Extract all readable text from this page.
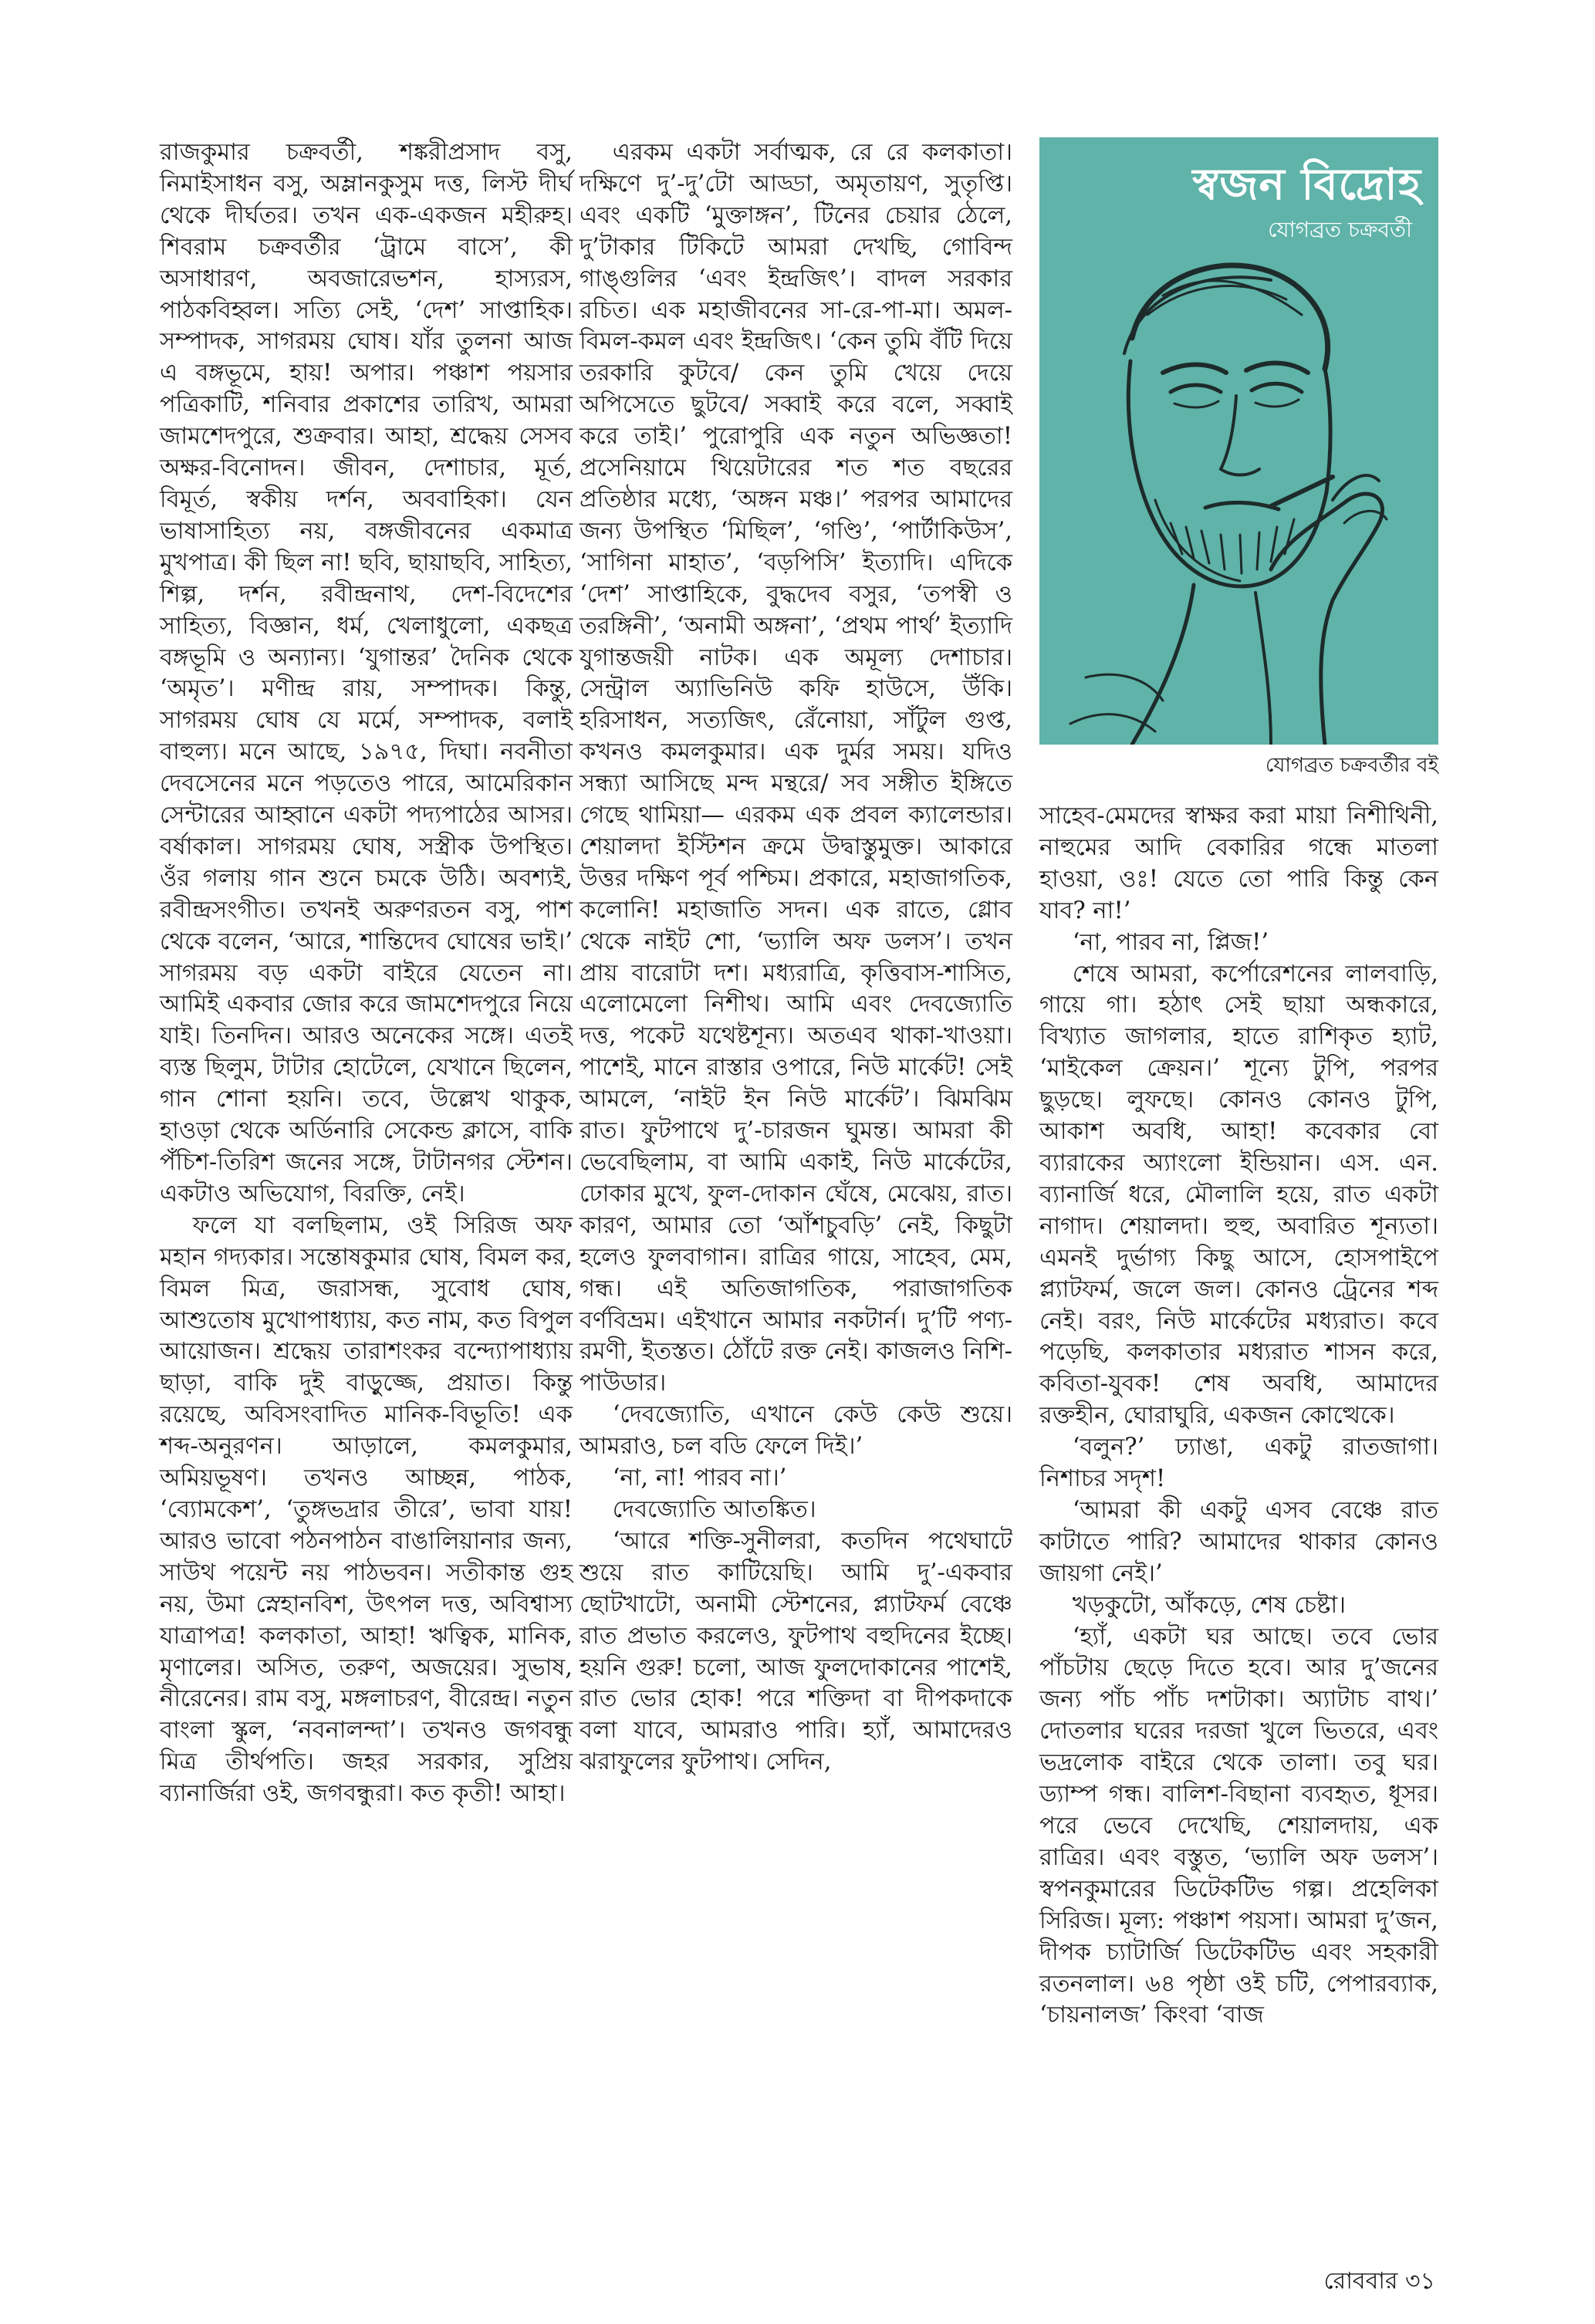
রাজকুমার চক্রবর্তী, শঙ্করীপ্রসাদ বসু, নিমাইসাধন বসু, অম্লানকুসুম দত্ত, লিস্ট দীর্ঘ থেকে দীর্ঘতর। তখন এক-একজন মহীরুহ। শিবরাম চক্রবর্তীর ‘ট্রামে বাসে’, কী অসাধারণ, অবজারেভশন, হাস্যরস, পাঠকবিহ্বল। সত্যি সেই, ‘দেশ’ সাপ্তাহিক। সম্পাদক, সাগরময় ঘোষ। যাঁর তুলনা আজ এ বঙ্গভূমে, হায়! অপার। পঞ্চাশ পয়সার পত্রিকাটি, শনিবার প্রকাশের তারিখ, আমরা জামশেদপুরে, শুক্রবার। আহা, শ্রদ্ধেয় সেসব অক্ষর-বিনোদন। জীবন, দেশাচার, মূর্ত, বিমূর্ত, স্বকীয় দর্শন, অববাহিকা। যেন ভাষাসাহিত্য নয়, বঙ্গজীবনের একমাত্র মুখপাত্র। কী ছিল না! ছবি, ছায়াছবি, সাহিত্য, শিল্প, দর্শন, রবীন্দ্রনাথ, দেশ-বিদেশের সাহিত্য, বিজ্ঞান, ধর্ম, খেলাধুলো, একছত্র বঙ্গভূমি ও অন্যান্য। ‘যুগান্তর’ দৈনিক থেকে ‘অমৃত’। মণীন্দ্র রায়, সম্পাদক। কিন্তু, সাগরময় ঘোষ যে মর্মে, সম্পাদক, বলাই বাহুল্য। মনে আছে, ১৯৭৫, দিঘা। নবনীতা দেবসেনের মনে পড়তেও পারে, আমেরিকান সেন্টারের আহ্বানে একটা পদ্যপাঠের আসর। বর্ষাকাল। সাগরময় ঘোষ, সস্ত্রীক উপস্থিত। ওঁর গলায় গান শুনে চমকে উঠি। অবশ্যই, রবীন্দ্রসংগীত। তখনই অরুণরতন বসু, পাশ থেকে বলেন, ‘আরে, শান্তিদেব ঘোষের ভাই।’ সাগরময় বড় একটা বাইরে যেতেন না। আমিই একবার জোর করে জামশেদপুরে নিয়ে যাই। তিনদিন। আরও অনেকের সঙ্গে। এতই ব্যস্ত ছিলুম, টাটার হোটেলে, যেখানে ছিলেন, গান শোনা হয়নি। তবে, উল্লেখ থাকুক, হাওড়া থেকে অর্ডিনারি সেকেন্ড ক্লাসে, বাকি পঁচিশ-তিরিশ জনের সঙ্গে, টাটানগর স্টেশন। একটাও অভিযোগ, বিরক্তি, নেই।

ফলে যা বলছিলাম, ওই সিরিজ অফ মহান গদ্যকার। সন্তোষকুমার ঘোষ, বিমল কর, বিমল মিত্র, জরাসন্ধ, সুবোধ ঘোষ, আশুতোষ মুখোপাধ্যায়, কত নাম, কত বিপুল আয়োজন। শ্রদ্ধেয় তারাশংকর বন্দ্যোপাধ্যায় ছাড়া, বাকি দুই বাড়ুজ্জে, প্রয়াত। কিন্তু রয়েছে, অবিসংবাদিত মানিক-বিভূতি! এক শব্দ-অনুরণন। আড়ালে, কমলকুমার, অমিয়ভূষণ। তখনও আচ্ছন্ন, পাঠক, ‘ব্যোমকেশ’, ‘তুঙ্গভদ্রার তীরে’, ভাবা যায়! আরও ভাবো পঠনপাঠন বাঙালিয়ানার জন্য, সাউথ পয়েন্ট নয় পাঠভবন। সতীকান্ত গুহ নয়, উমা স্নেহানবিশ, উৎপল দত্ত, অবিশ্বাস্য যাত্রাপত্র! কলকাতা, আহা! ঋত্বিক, মানিক, মৃণালের। অসিত, তরুণ, অজয়ের। সুভাষ, নীরেনের। রাম বসু, মঙ্গলাচরণ, বীরেন্দ্র। নতুন বাংলা স্কুল, ‘নবনালন্দা’। তখনও জগবন্ধু মিত্র তীর্থপতি। জহর সরকার, সুপ্রিয় ব্যানার্জিরা ওই, জগবন্ধুরা। কত কৃতী! আহা।

এরকম একটা সর্বাত্মক, রে রে কলকাতা। দক্ষিণে দু’-দু’টো আড্ডা, অমৃতায়ণ, সুতৃপ্তি। এবং একটি ‘মুক্তাঙ্গন’, টিনের চেয়ার ঠেলে, দু’টাকার টিকিটে আমরা দেখছি, গোবিন্দ গাঙ্গুলির ‘এবং ইন্দ্রজিৎ’। বাদল সরকার রচিত। এক মহাজীবনের সা-রে-পা-মা। অমল-বিমল-কমল এবং ইন্দ্রজিৎ। ‘কেন তুমি বঁটি দিয়ে তরকারি কুটবে/ কেন তুমি খেয়ে দেয়ে অপিসেতে ছুটবে/ সব্বাই করে বলে, সব্বাই করে তাই।’ পুরোপুরি এক নতুন অভিজ্ঞতা! প্রসেনিয়ামে থিয়েটারের শত শত বছরের প্রতিষ্ঠার মধ্যে, ‘অঙ্গন মঞ্চ।’ পরপর আমাদের জন্য উপস্থিত ‘মিছিল’, ‘গণ্ডি’, ‘পার্টাকিউস’, ‘সাগিনা মাহাত’, ‘বড়পিসি’ ইত্যাদি। এদিকে ‘দেশ’ সাপ্তাহিকে, বুদ্ধদেব বসুর, ‘তপস্বী ও তরঙ্গিনী’, ‘অনামী অঙ্গনা’, ‘প্রথম পার্থ’ ইত্যাদি যুগান্তজয়ী নাটক। এক অমূল্য দেশাচার। সেন্ট্রাল অ্যাভিনিউ কফি হাউসে, উঁকি। হরিসাধন, সত্যজিৎ, রেঁনোয়া, সাঁটুল গুপ্ত, কখনও কমলকুমার। এক দুর্মর সময়। যদিও সন্ধ্যা আসিছে মন্দ মন্থরে/ সব সঙ্গীত ইঙ্গিতে গেছে থামিয়া— এরকম এক প্রবল ক্যালেন্ডার। শেয়ালদা ইস্টিশন ক্রমে উদ্বাস্তুমুক্ত। আকারে উত্তর দক্ষিণ পূর্ব পশ্চিম। প্রকারে, মহাজাগতিক, কলোনি! মহাজাতি সদন। এক রাতে, গ্লোব থেকে নাইট শো, ‘ভ্যালি অফ ডলস’। তখন প্রায় বারোটা দশ। মধ্যরাত্রি, কৃত্তিবাস-শাসিত, এলোমেলো নিশীথ। আমি এবং দেবজ্যোতি দত্ত, পকেট যথেষ্টশূন্য। অতএব থাকা-খাওয়া। পাশেই, মানে রাস্তার ওপারে, নিউ মার্কেট! সেই আমলে, ‘নাইট ইন নিউ মার্কেট’। ঝিমঝিম রাত। ফুটপাথে দু’-চারজন ঘুমন্ত। আমরা কী ভেবেছিলাম, বা আমি একাই, নিউ মার্কেটের, ঢোকার মুখে, ফুল-দোকান ঘেঁষে, মেঝেয়, রাত। কারণ, আমার তো ‘আঁশচুবড়ি’ নেই, কিছুটা হলেও ফুলবাগান। রাত্রির গায়ে, সাহেব, মেম, গন্ধ। এই অতিজাগতিক, পরাজাগতিক বর্ণবিভ্রম। এইখানে আমার নকটার্ন। দু’টি পণ্য-রমণী, ইতস্তত। ঠোঁটে রক্ত নেই। কাজলও নিশি-পাউডার।

‘দেবজ্যোতি, এখানে কেউ কেউ শুয়ে। আমরাও, চল বডি ফেলে দিই।’

‘না, না! পারব না।’

দেবজ্যোতি আতঙ্কিত।

‘আরে শক্তি-সুনীলরা, কতদিন পথেঘাটে শুয়ে রাত কাটিয়েছি। আমি দু’-একবার ছোটখাটো, অনামী স্টেশনের, প্ল্যাটফর্ম বেঞ্চে রাত প্রভাত করলেও, ফুটপাথ বহুদিনের ইচ্ছে। হয়নি গুরু! চলো, আজ ফুলদোকানের পাশেই, রাত ভোর হোক! পরে শক্তিদা বা দীপকদাকে বলা যাবে, আমরাও পারি। হ্যাঁ, আমাদেরও ঝরাফুলের ফুটপাথ। সেদিন,

স্বজন বিদ্রোহ
যোগব্রত চক্রবর্তী
যোগব্রত চক্রবর্তীর বই

সাহেব-মেমদের স্বাক্ষর করা মায়া নিশীথিনী, নাহুমের আদি বেকারির গন্ধে মাতলা হাওয়া, ওঃ! যেতে তো পারি কিন্তু কেন যাব? না!’

‘না, পারব না, প্লিজ!’

শেষে আমরা, কর্পোরেশনের লালবাড়ি, গায়ে গা। হঠাৎ সেই ছায়া অন্ধকারে, বিখ্যাত জাগলার, হাতে রাশিকৃত হ্যাট, ‘মাইকেল ক্রেয়ন।’ শূন্যে টুপি, পরপর ছুড়ছে। লুফছে। কোনও কোনও টুপি, আকাশ অবধি, আহা! কবেকার বো ব্যারাকের অ্যাংলো ইন্ডিয়ান। এস. এন. ব্যানার্জি ধরে, মৌলালি হয়ে, রাত একটা নাগাদ। শেয়ালদা। হুহু, অবারিত শূন্যতা। এমনই দুর্ভাগ্য কিছু আসে, হোসপাইপে প্ল্যাটফর্ম, জলে জল। কোনও ট্রেনের শব্দ নেই। বরং, নিউ মার্কেটের মধ্যরাত। কবে পড়েছি, কলকাতার মধ্যরাত শাসন করে, কবিতা-যুবক! শেষ অবধি, আমাদের রক্তহীন, ঘোরাঘুরি, একজন কোত্থেকে।

‘বলুন?’ ঢ্যাঙা, একটু রাতজাগা। নিশাচর সদৃশ!

‘আমরা কী একটু এসব বেঞ্চে রাত কাটাতে পারি? আমাদের থাকার কোনও জায়গা নেই।’

খড়কুটো, আঁকড়ে, শেষ চেষ্টা।

‘হ্যাঁ, একটা ঘর আছে। তবে ভোর পাঁচটায় ছেড়ে দিতে হবে। আর দু’জনের জন্য পাঁচ পাঁচ দশটাকা। অ্যাটাচ বাথ।’ দোতলার ঘরের দরজা খুলে ভিতরে, এবং ভদ্রলোক বাইরে থেকে তালা। তবু ঘর। ড্যাম্প গন্ধ। বালিশ-বিছানা ব্যবহৃত, ধূসর। পরে ভেবে দেখেছি, শেয়ালদায়, এক রাত্রির। এবং বস্তুত, ‘ভ্যালি অফ ডলস’। স্বপনকুমারের ডিটেকটিভ গল্প। প্রহেলিকা সিরিজ। মূল্য: পঞ্চাশ পয়সা। আমরা দু’জন, দীপক চ্যাটার্জি ডিটেকটিভ এবং সহকারী রতনলাল। ৬৪ পৃষ্ঠা ওই চটি, পেপারব্যাক, ‘চায়নালজ’ কিংবা ‘বাজ

রোববার ৩১
